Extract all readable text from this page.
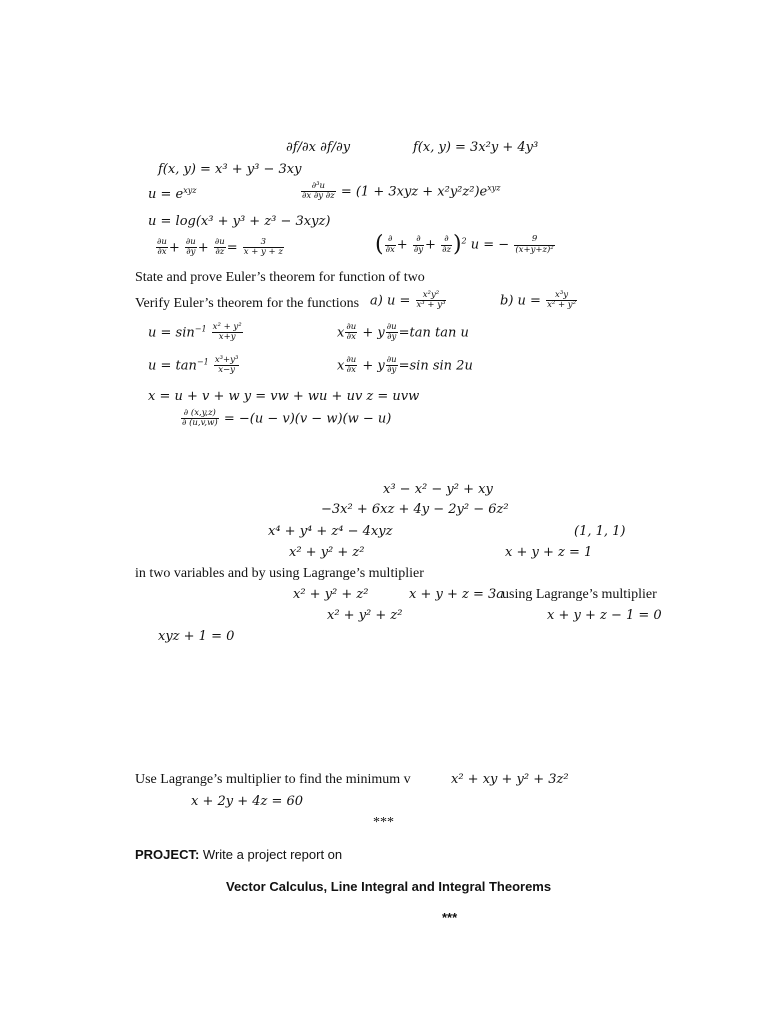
∂f/∂x ∂f/∂y	f(x, y) = 3x²y + 4y³
f(x, y) = x³ + y³ − 3xy
$u = e^{xyz}$	$\frac{\text{∂³u}}{\partial x \partial y \partial z} = (1 + 3xyz + x^2y^2z^2)e^{xyz}$
u = log(x³ + y³ + z³ − 3xyz)
$\frac{\partial u}{\partial x} + \frac{\partial u}{\partial y} + \frac{\partial u}{\partial z} = \frac{3}{x + y + z}$	( $\frac{\partial}{\partial x} + \frac{\partial}{\partial y} + \frac{\partial}{\partial z} )^2$ u = − $\frac{9}{\text{(x+y+z)²}}$
State and prove Euler’s theorem for function of two
Verify Euler’s theorem for the functions a) $u = \frac{\text{x²y²}}{\text{x³ + y³}}$	b) $u = \frac{\text{x³y}}{\text{x² + y²}}$
$u = \sin^{-1} \frac{\text{x² + y²}}{x+y}$	x $\frac{\partial u}{\partial x} + y \frac{\partial u}{\partial y} =\tan$ tan u
$u = \tan^{-1} \frac{\text{x³+y³}}{x-y}$	x $\frac{\partial u}{\partial x} + y \frac{\partial u}{\partial y} =\sin$ sin 2u
x = u + v + w y = vw + wu + uv z = uvw
$\frac{\partial (x,y,z)}{\partial (u,v,w)} = -(u - v)(v - w)(w - u)$
x³ − x² − y² + xy
−3x² + 6xz + 4y − 2y² − 6z²
x⁴ + y⁴ + z⁴ − 4xyz	(1, 1, 1)
x² + y² + z²	x + y + z = 1
in two variables and by using Lagrange’s multiplier
x² + y² + z²	x + y + z = 3a
using Lagrange’s multiplier
x² + y² + z²	x + y + z − 1 = 0
xyz + 1 = 0
Use Lagrange’s multiplier to find the minimum v	x² + xy + y² + 3z²
x + 2y + 4z = 60
***
PROJECT: Write a project report on
Vector Calculus, Line Integral and Integral Theorems
***
